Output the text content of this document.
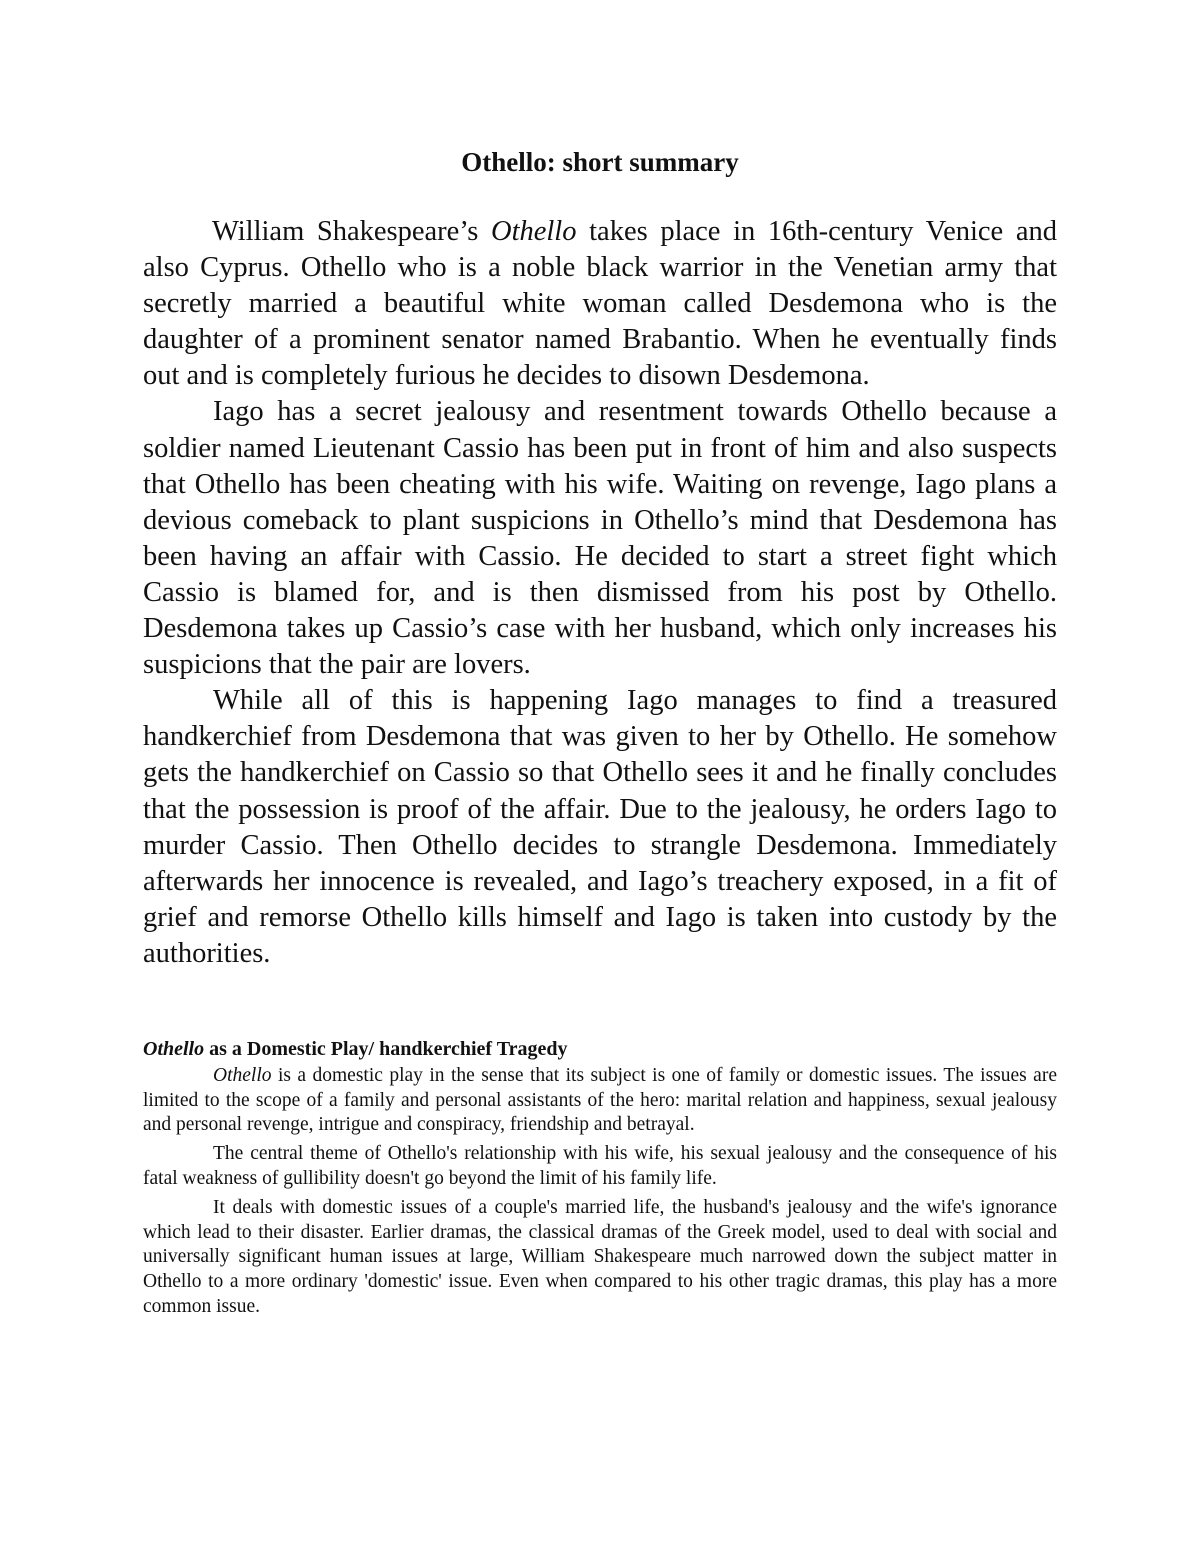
Othello: short summary

William Shakespeare’s Othello takes place in 16th-century Venice and also Cyprus. Othello who is a noble black warrior in the Venetian army that secretly married a beautiful white woman called Desdemona who is the daughter of a prominent senator named Brabantio. When he eventually finds out and is completely furious he decides to disown Desdemona.

Iago has a secret jealousy and resentment towards Othello because a soldier named Lieutenant Cassio has been put in front of him and also suspects that Othello has been cheating with his wife. Waiting on revenge, Iago plans a devious comeback to plant suspicions in Othello’s mind that Desdemona has been having an affair with Cassio. He decided to start a street fight which Cassio is blamed for, and is then dismissed from his post by Othello. Desdemona takes up Cassio’s case with her husband, which only increases his suspicions that the pair are lovers.

While all of this is happening Iago manages to find a treasured handkerchief from Desdemona that was given to her by Othello. He somehow gets the handkerchief on Cassio so that Othello sees it and he finally concludes that the possession is proof of the affair. Due to the jealousy, he orders Iago to murder Cassio. Then Othello decides to strangle Desdemona. Immediately afterwards her innocence is revealed, and Iago’s treachery exposed, in a fit of grief and remorse Othello kills himself and Iago is taken into custody by the authorities.

Othello as a Domestic Play/ handkerchief Tragedy

Othello is a domestic play in the sense that its subject is one of family or domestic issues. The issues are limited to the scope of a family and personal assistants of the hero: marital relation and happiness, sexual jealousy and personal revenge, intrigue and conspiracy, friendship and betrayal.

The central theme of Othello's relationship with his wife, his sexual jealousy and the consequence of his fatal weakness of gullibility doesn't go beyond the limit of his family life.

It deals with domestic issues of a couple's married life, the husband's jealousy and the wife's ignorance which lead to their disaster. Earlier dramas, the classical dramas of the Greek model, used to deal with social and universally significant human issues at large, William Shakespeare much narrowed down the subject matter in Othello to a more ordinary 'domestic' issue. Even when compared to his other tragic dramas, this play has a more common issue.
